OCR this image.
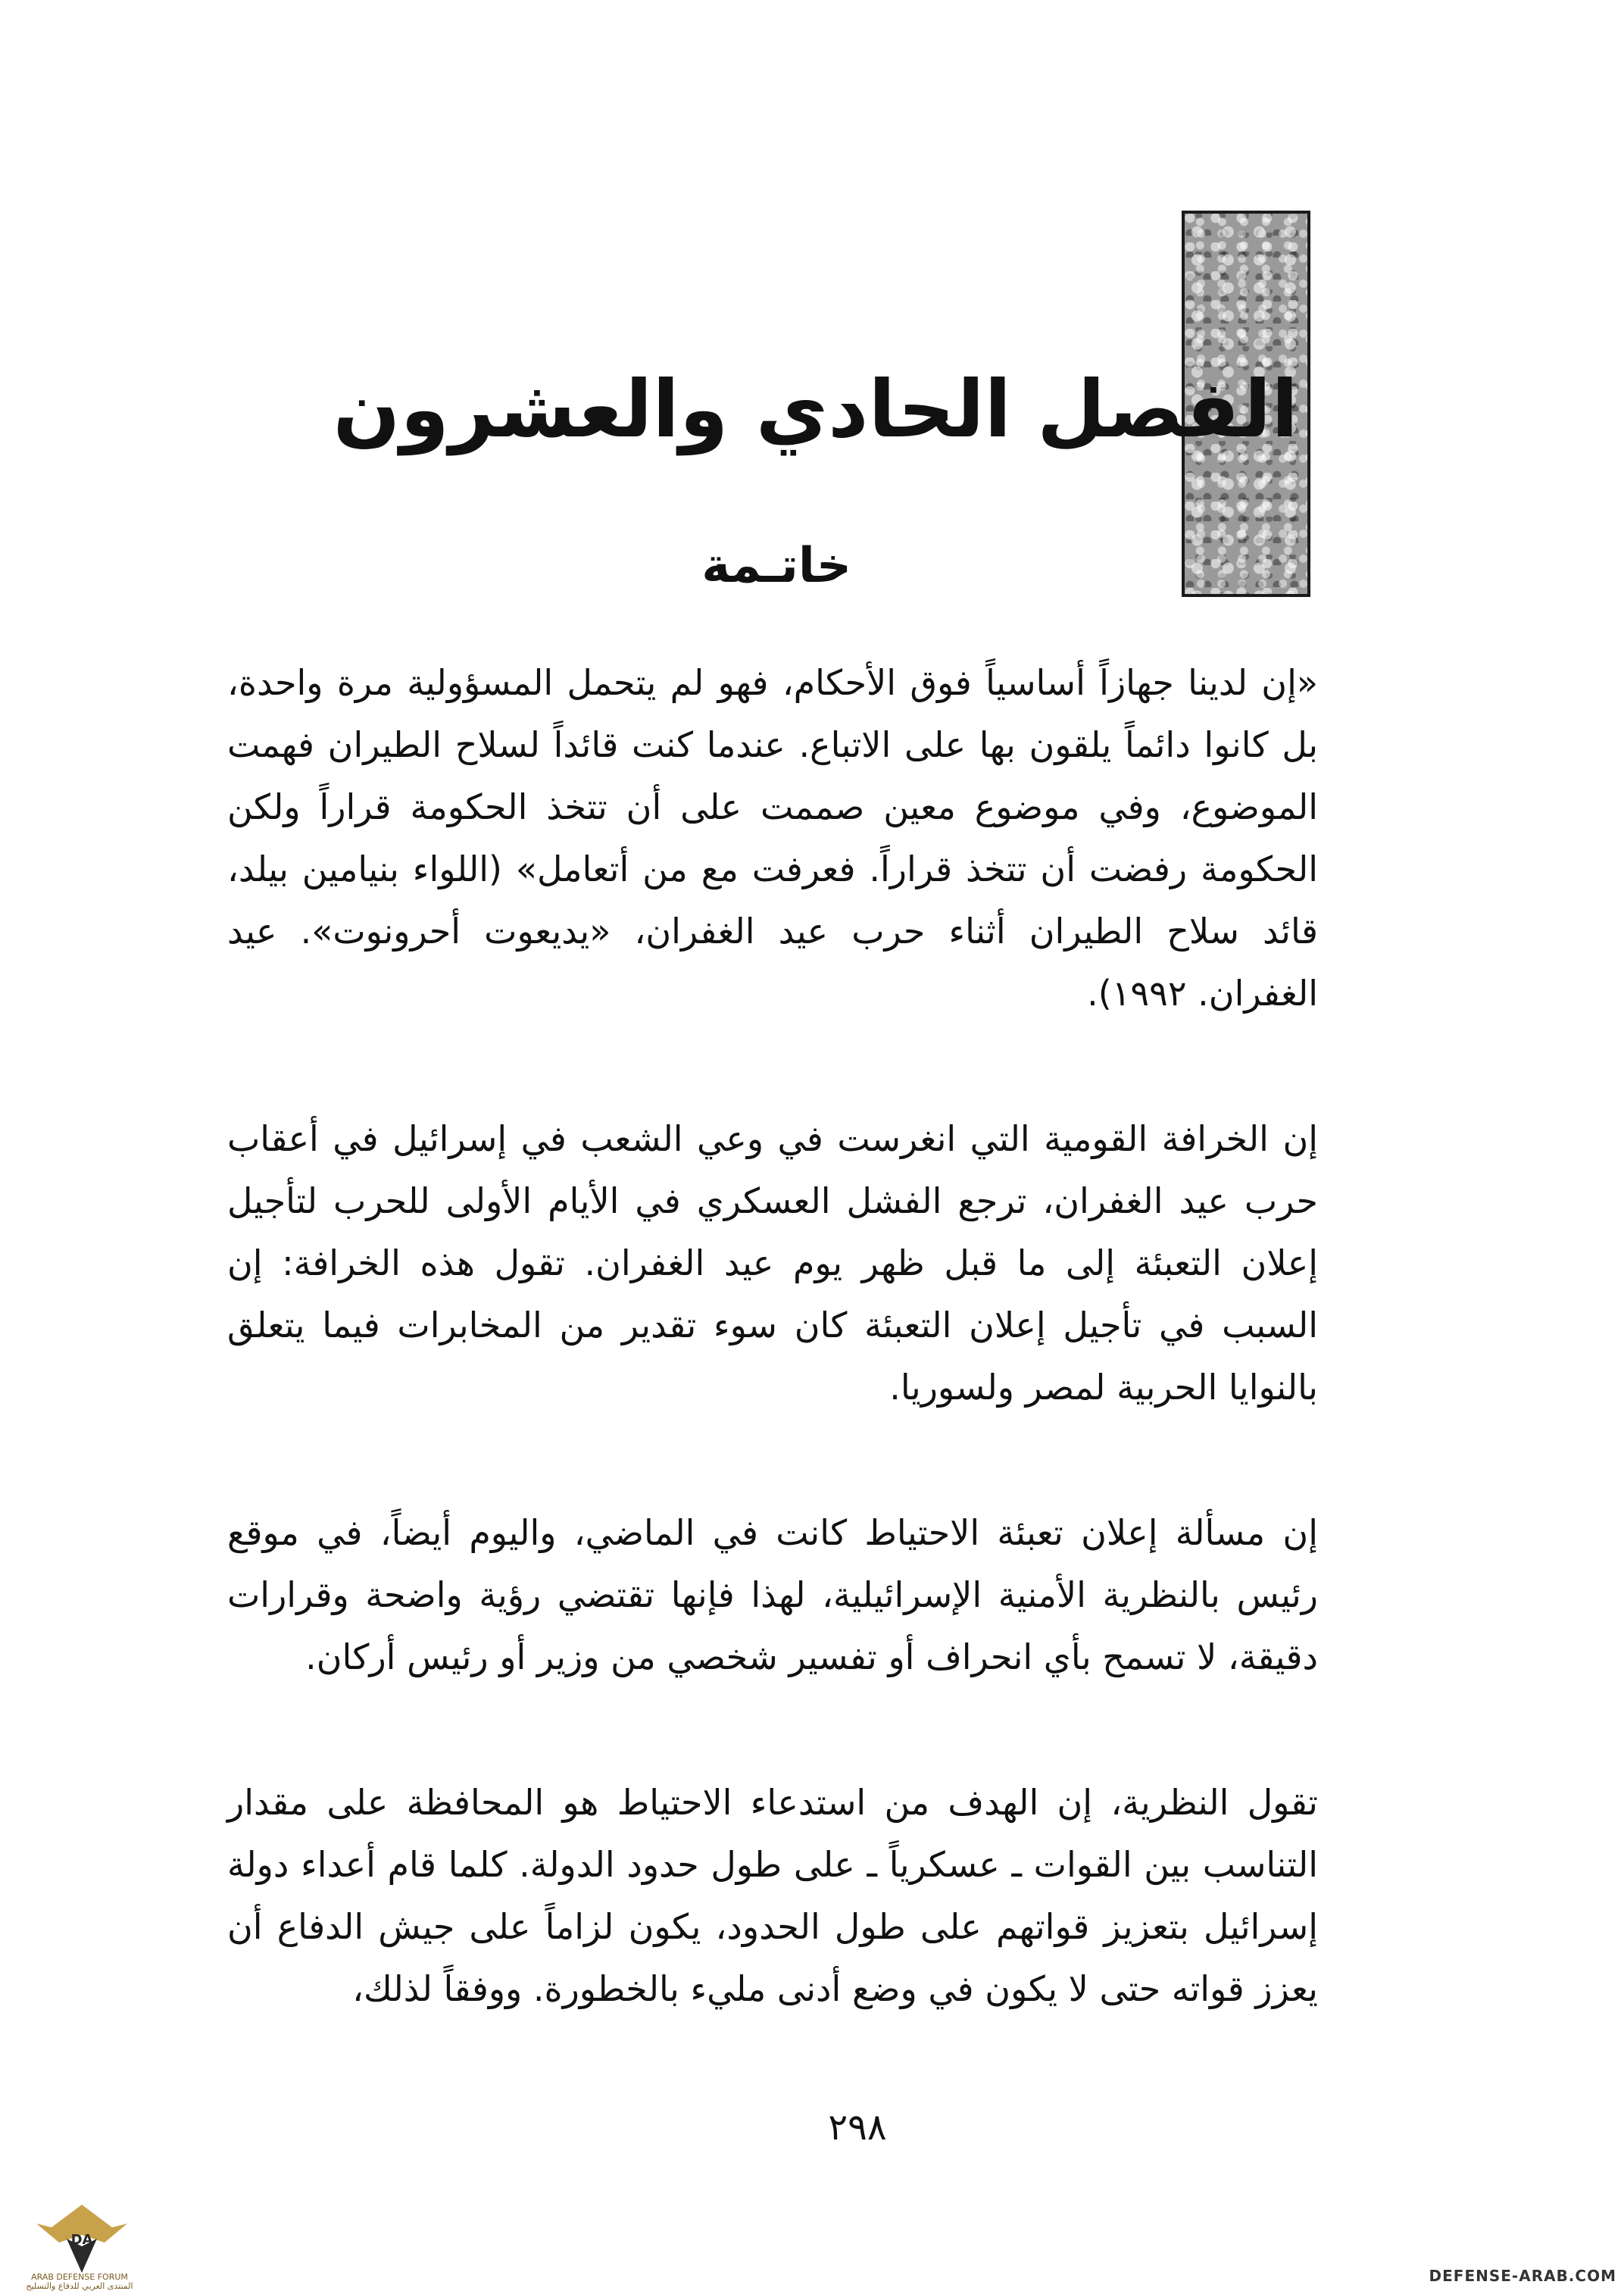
الفصل
الحادي والعشرون
خاتـمة

«إن لدينا جهازاً أساسياً فوق الأحكام، فهو لم يتحمل المسؤولية مرة واحدة، بل كانوا دائماً يلقون بها على الاتباع. عندما كنت قائداً لسلاح الطيران فهمت الموضوع، وفي موضوع معين صممت على أن تتخذ الحكومة قراراً ولكن الحكومة رفضت أن تتخذ قراراً. فعرفت مع من أتعامل» (اللواء بنيامين بيلد، قائد سلاح الطيران أثناء حرب عيد الغفران، «يديعوت أحرونوت». عيد الغفران. ١٩٩٢).

إن الخرافة القومية التي انغرست في وعي الشعب في إسرائيل في أعقاب حرب عيد الغفران، ترجع الفشل العسكري في الأيام الأولى للحرب لتأجيل إعلان التعبئة إلى ما قبل ظهر يوم عيد الغفران. تقول هذه الخرافة: إن السبب في تأجيل إعلان التعبئة كان سوء تقدير من المخابرات فيما يتعلق بالنوايا الحربية لمصر ولسوريا.

إن مسألة إعلان تعبئة الاحتياط كانت في الماضي، واليوم أيضاً، في موقع رئيس بالنظرية الأمنية الإسرائيلية، لهذا فإنها تقتضي رؤية واضحة وقرارات دقيقة، لا تسمح بأي انحراف أو تفسير شخصي من وزير أو رئيس أركان.

تقول النظرية، إن الهدف من استدعاء الاحتياط هو المحافظة على مقدار التناسب بين القوات ـ عسكرياً ـ على طول حدود الدولة. كلما قام أعداء دولة إسرائيل بتعزيز قواتهم على طول الحدود، يكون لزاماً على جيش الدفاع أن يعزز قواته حتى لا يكون في وضع أدنى مليء بالخطورة. ووفقاً لذلك،

٢٩٨
DA
ARAB DEFENSE FORUM
المنتدى العربي للدفاع والتسليح
DEFENSE-ARAB.COM
